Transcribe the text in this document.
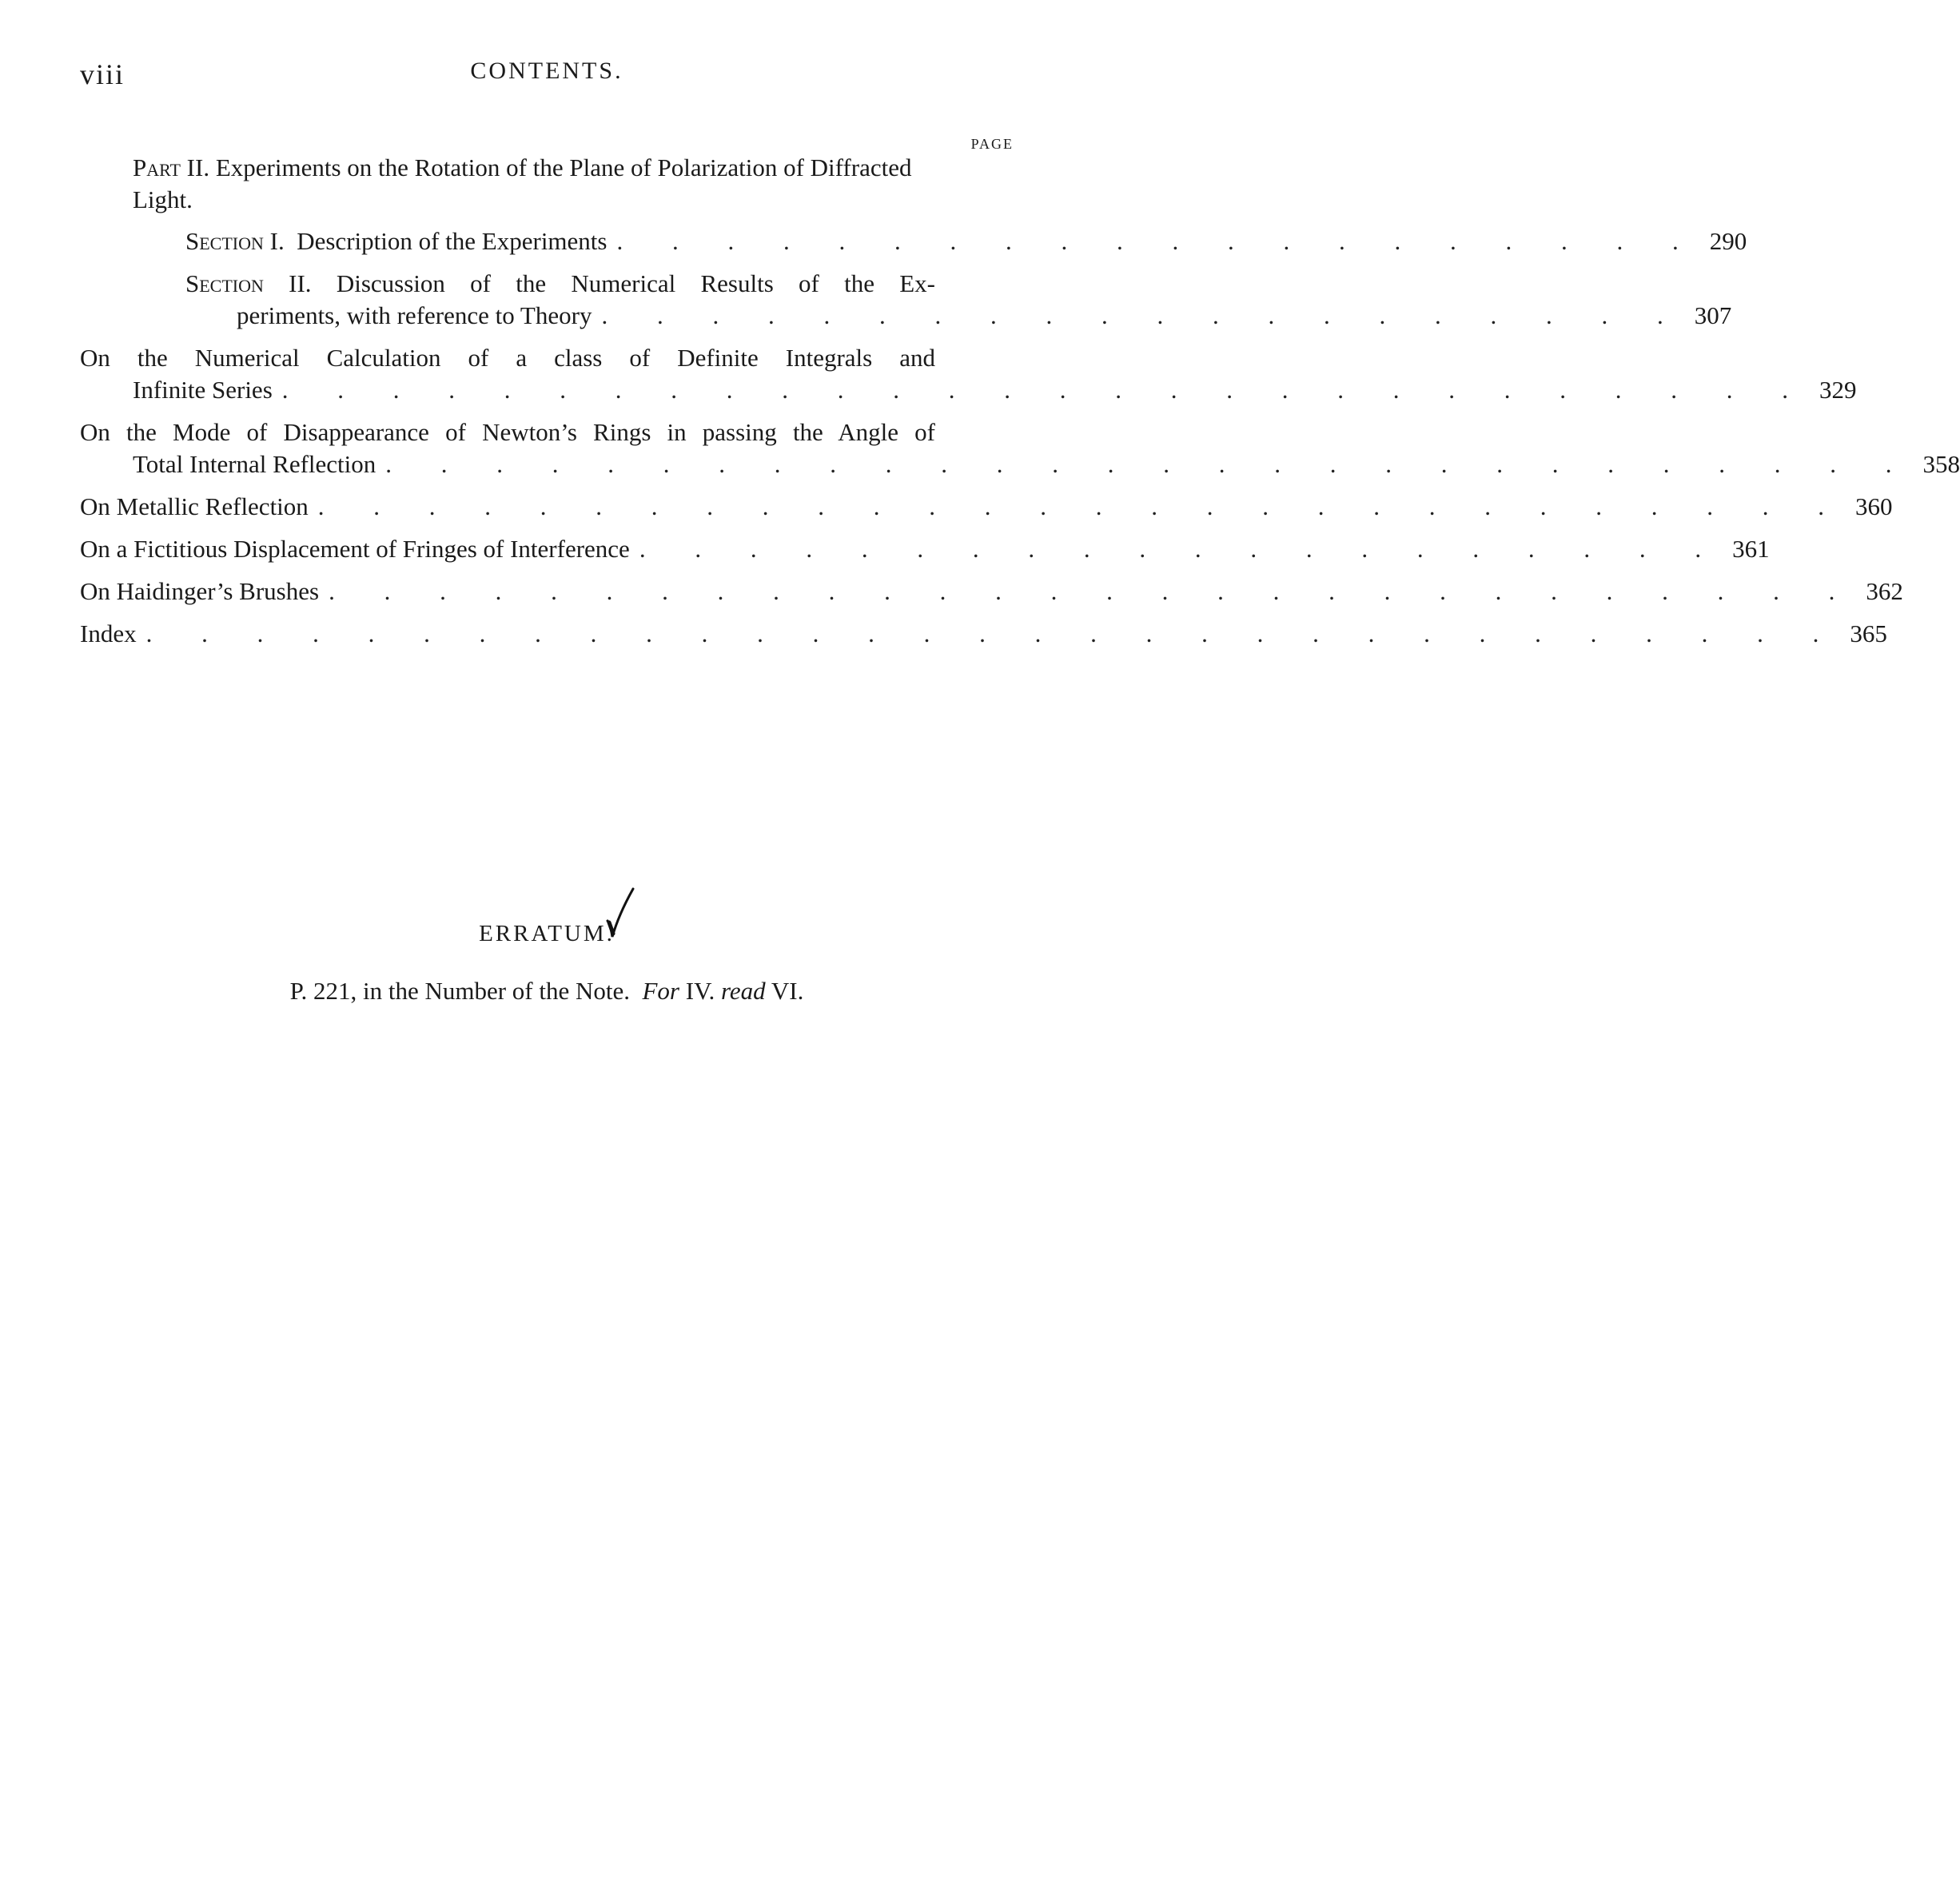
viii	CONTENTS.
PAGE
Part II. Experiments on the Rotation of the Plane of Polarization of Diffracted Light.
Section I. Description of the Experiments . . . . . . . . . . . . . . . . . . . . 290
Section II. Discussion of the Numerical Results of the Ex-
periments, with reference to Theory . . . . . . . . . . . . . . . . . . . . 307
On the Numerical Calculation of a class of Definite Integrals and
Infinite Series . . . . . . . . . . . . . . . . . . . . . . . . . . . . 329
On the Mode of Disappearance of Newton’s Rings in passing the Angle of
Total Internal Reflection . . . . . . . . . . . . . . . . . . . . . . . . . . . . 358
On Metallic Reflection . . . . . . . . . . . . . . . . . . . . . . . . . . . . 360
On a Fictitious Displacement of Fringes of Interference . . . . . . . . . . . . . . . . . . . . 361
On Haidinger’s Brushes . . . . . . . . . . . . . . . . . . . . . . . . . . . . 362
Index . . . . . . . . . . . . . . . . . . . . . . . . . . . . . . . 365
ERRATUM.
P. 221, in the Number of the Note. For IV. read VI.
